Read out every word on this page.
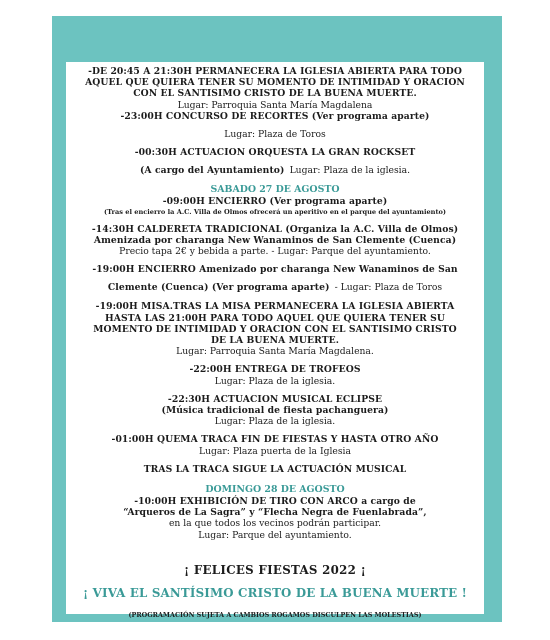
-DE 20:45 A 21:30H PERMANECERA LA IGLESIA ABIERTA PARA TODO
AQUEL QUE QUIERA TENER SU MOMENTO DE INTIMIDAD Y ORACION
CON EL SANTISIMO CRISTO DE LA BUENA MUERTE.
Lugar: Parroquia Santa María Magdalena
-23:00H CONCURSO DE RECORTES (Ver programa aparte)
Lugar: Plaza de Toros
-00:30H ACTUACION ORQUESTA LA GRAN ROCKSET
(A cargo del Ayuntamiento) Lugar: Plaza de la iglesia.
SABADO 27 DE AGOSTO
-09:00H ENCIERRO (Ver programa aparte)
(Tras el encierro la A.C. Villa de Olmos ofrecerá un aperitivo en el parque del ayuntamiento)
-14:30H CALDERETA TRADICIONAL (Organiza la A.C. Villa de Olmos)
Amenizada por charanga New Wanaminos de San Clemente (Cuenca)
Precio tapa 2€ y bebida a parte. - Lugar: Parque del ayuntamiento.
-19:00H ENCIERRO Amenizado por charanga New Wanaminos de San
Clemente (Cuenca) (Ver programa aparte) - Lugar: Plaza de Toros
-19:00H MISA.TRAS LA MISA PERMANECERA LA IGLESIA ABIERTA
HASTA LAS 21:00H PARA TODO AQUEL QUE QUIERA TENER SU
MOMENTO DE INTIMIDAD Y ORACION CON EL SANTISIMO CRISTO
DE LA BUENA MUERTE.
Lugar: Parroquia Santa María Magdalena.
-22:00H ENTREGA DE TROFEOS
Lugar: Plaza de la iglesia.
-22:30H ACTUACION MUSICAL ECLIPSE
(Música tradicional de fiesta pachanguera)
Lugar: Plaza de la iglesia.
-01:00H QUEMA TRACA FIN DE FIESTAS Y HASTA OTRO AÑO
Lugar: Plaza puerta de la Iglesia
TRAS LA TRACA SIGUE LA ACTUACIÓN MUSICAL
DOMINGO 28 DE AGOSTO
-10:00H EXHIBICIÓN DE TIRO CON ARCO a cargo de
“Arqueros de La Sagra” y “Flecha Negra de Fuenlabrada”,
en la que todos los vecinos podrán participar.
Lugar: Parque del ayuntamiento.
¡ FELICES FIESTAS 2022 ¡
¡ VIVA EL SANTÍSIMO CRISTO DE LA BUENA MUERTE !
(PROGRAMACIÓN SUJETA A CAMBIOS ROGAMOS DISCULPEN LAS MOLESTIAS)
